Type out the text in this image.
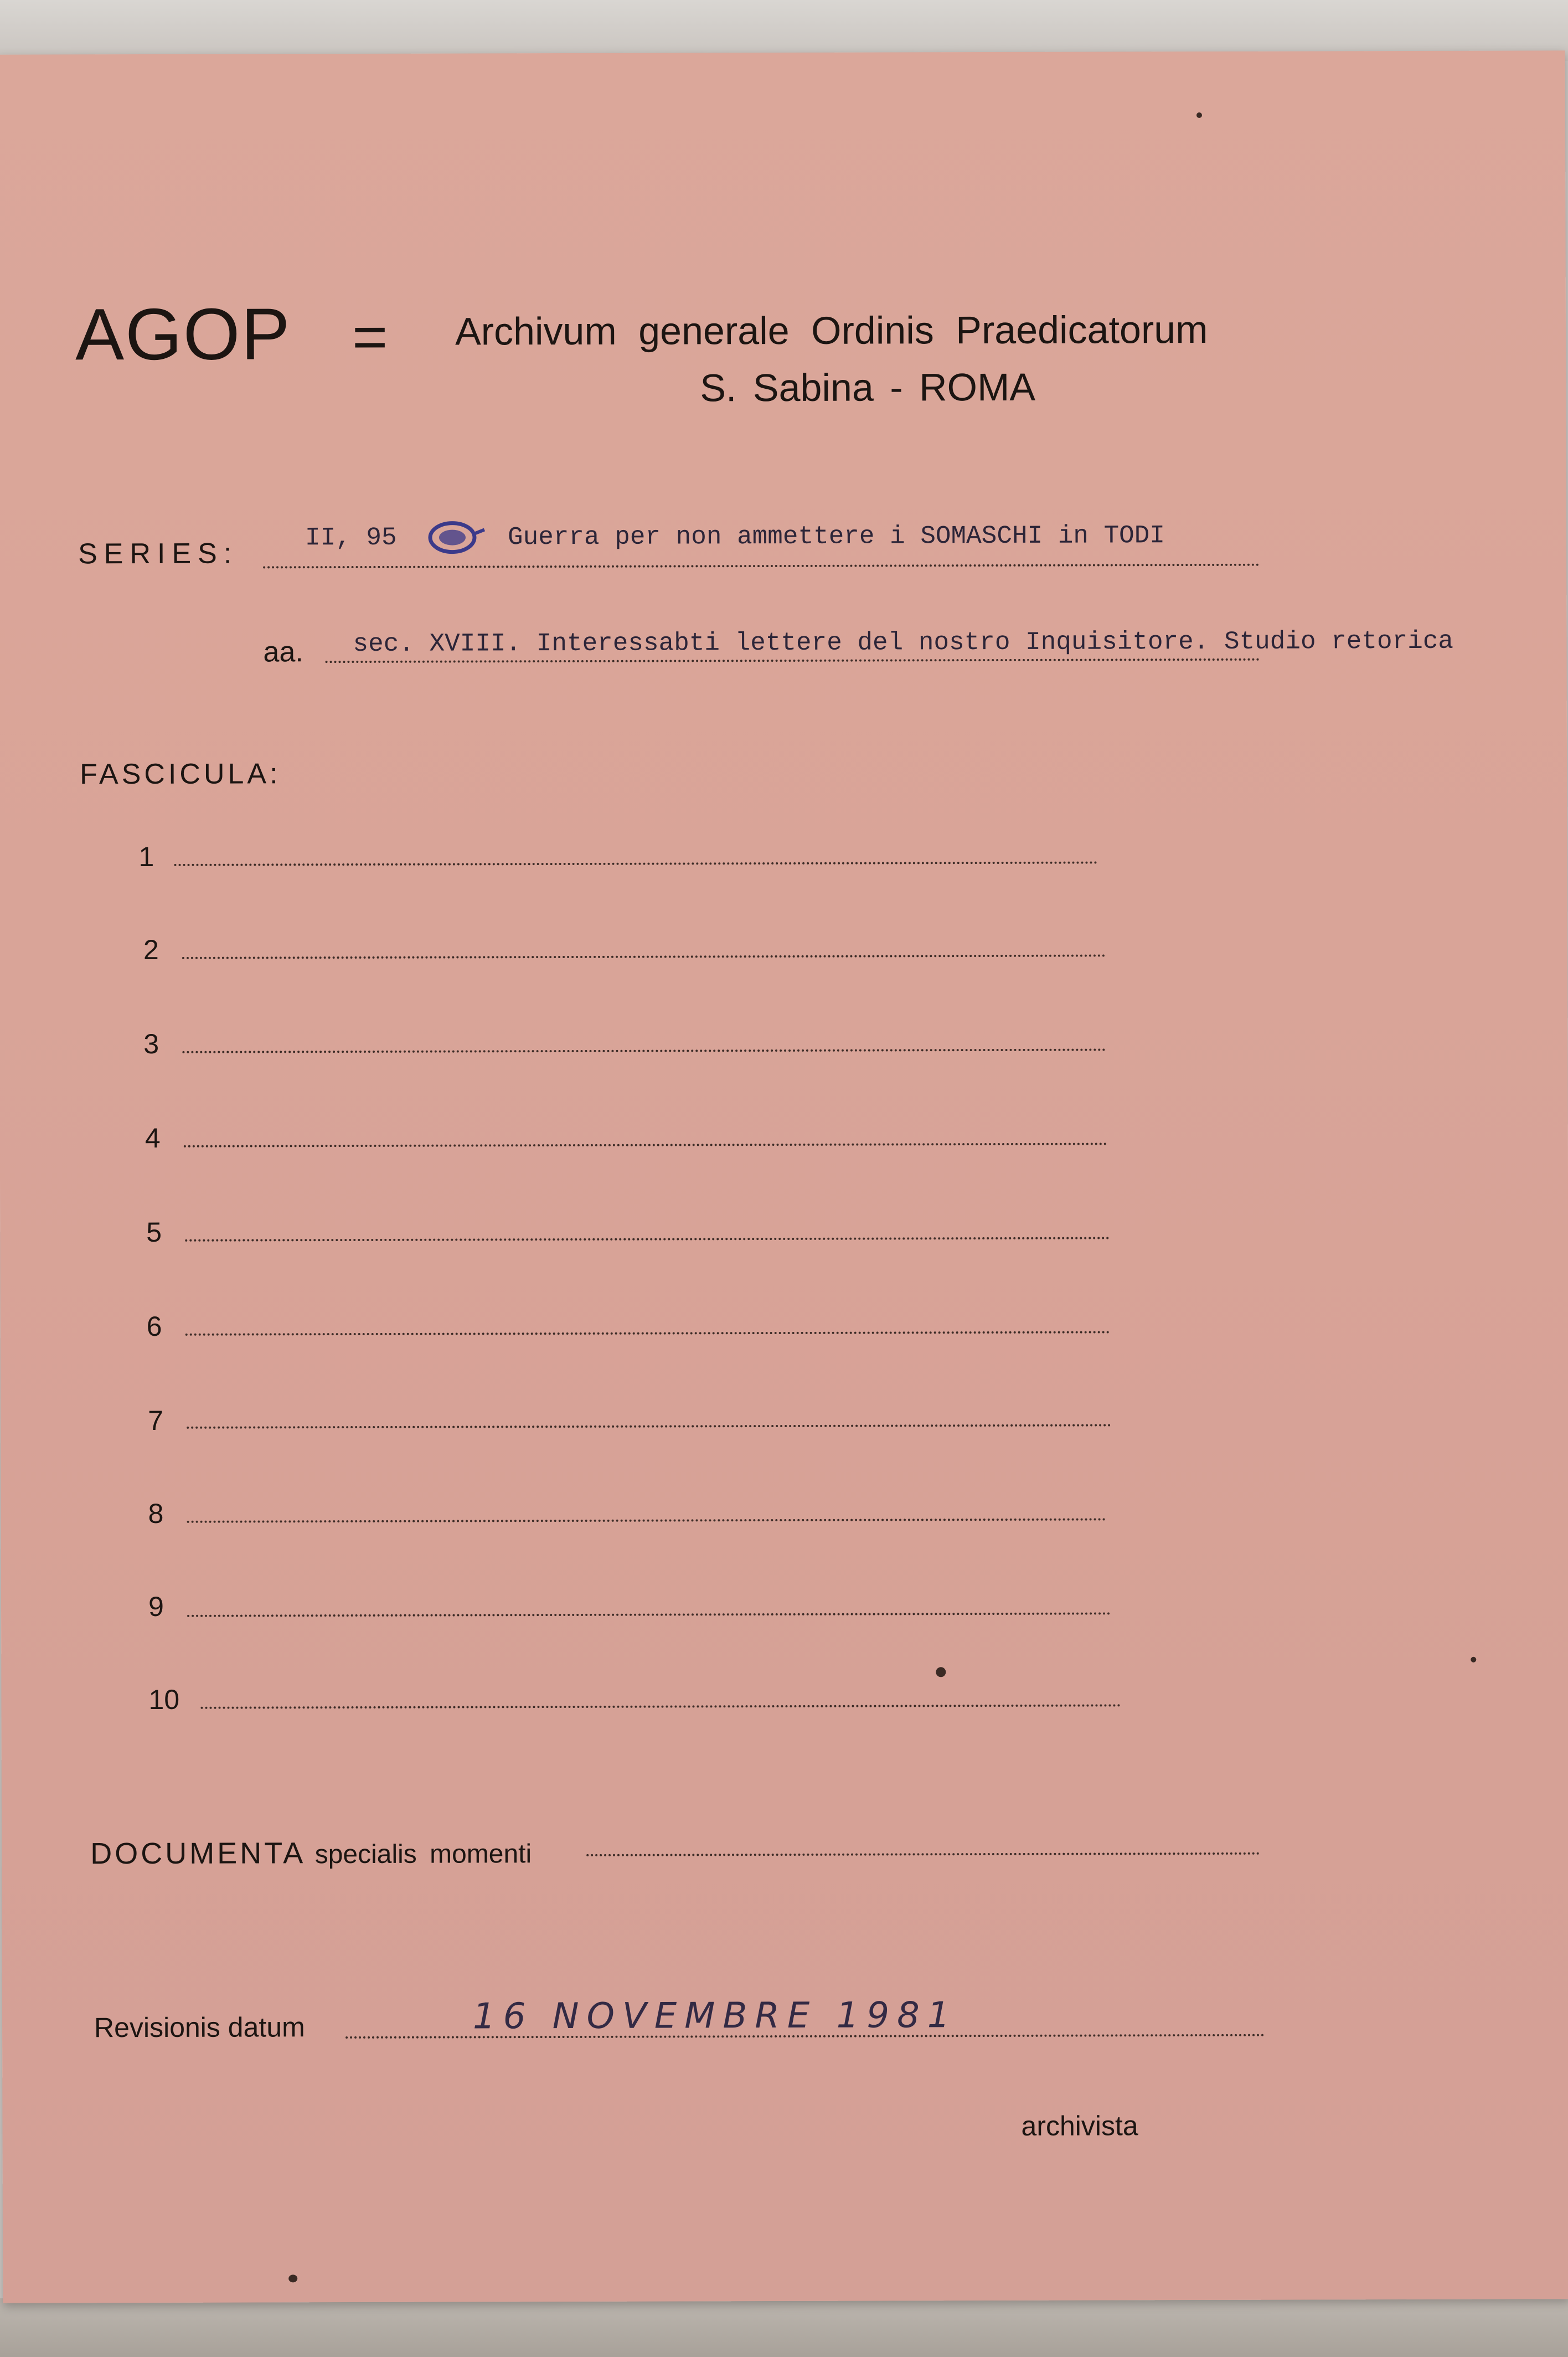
AGOP = Archivum generale Ordinis Praedicatorum
S. Sabina - ROMA
SERIES:	II, 95	Guerra per non ammettere i SOMASCHI in TODI
aa. sec. XVIII. Interessabti lettere del nostro Inquisitore. Studio retorica
FASCICULA:
1
2
3
4
5
6
7
8
9
10
DOCUMENTA specialis momenti
Revisionis datum	16 NOVEMBRE 1981
archivista
